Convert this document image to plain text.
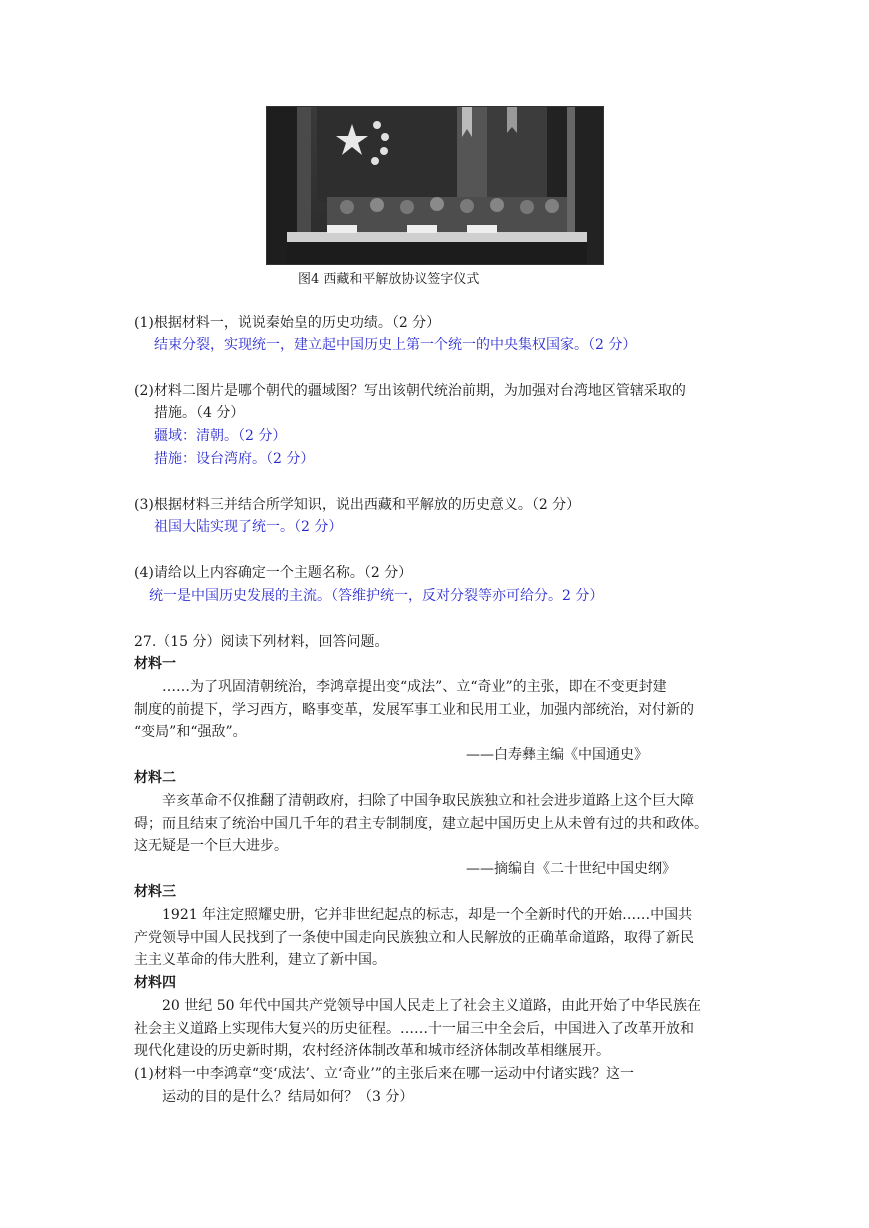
图4 西藏和平解放协议签字仪式
(1)根据材料一，说说秦始皇的历史功绩。（2 分）
结束分裂，实现统一，建立起中国历史上第一个统一的中央集权国家。（2 分）
(2)材料二图片是哪个朝代的疆域图？写出该朝代统治前期，为加强对台湾地区管辖采取的
措施。（4 分）
疆域：清朝。（2 分）
措施：设台湾府。（2 分）
(3)根据材料三并结合所学知识，说出西藏和平解放的历史意义。（2 分）
祖国大陆实现了统一。（2 分）
(4)请给以上内容确定一个主题名称。（2 分）
统一是中国历史发展的主流。（答维护统一，反对分裂等亦可给分。2 分）
27.（15 分）阅读下列材料，回答问题。
材料一
……为了巩固清朝统治，李鸿章提出变“成法”、立“奇业”的主张，即在不变更封建
制度的前提下，学习西方，略事变革，发展军事工业和民用工业，加强内部统治，对付新的
“变局”和“强敌”。
——白寿彝主编《中国通史》
材料二
辛亥革命不仅推翻了清朝政府，扫除了中国争取民族独立和社会进步道路上这个巨大障
碍；而且结束了统治中国几千年的君主专制制度，建立起中国历史上从未曾有过的共和政体。
这无疑是一个巨大进步。
——摘编自《二十世纪中国史纲》
材料三
1921 年注定照耀史册，它并非世纪起点的标志，却是一个全新时代的开始……中国共
产党领导中国人民找到了一条使中国走向民族独立和人民解放的正确革命道路，取得了新民
主主义革命的伟大胜利，建立了新中国。
材料四
20 世纪 50 年代中国共产党领导中国人民走上了社会主义道路，由此开始了中华民族在
社会主义道路上实现伟大复兴的历史征程。……十一届三中全会后，中国进入了改革开放和
现代化建设的历史新时期，农村经济体制改革和城市经济体制改革相继展开。
(1)材料一中李鸿章“变‘成法’、立‘奇业’”的主张后来在哪一运动中付诸实践？这一
运动的目的是什么？结局如何？（3 分）
